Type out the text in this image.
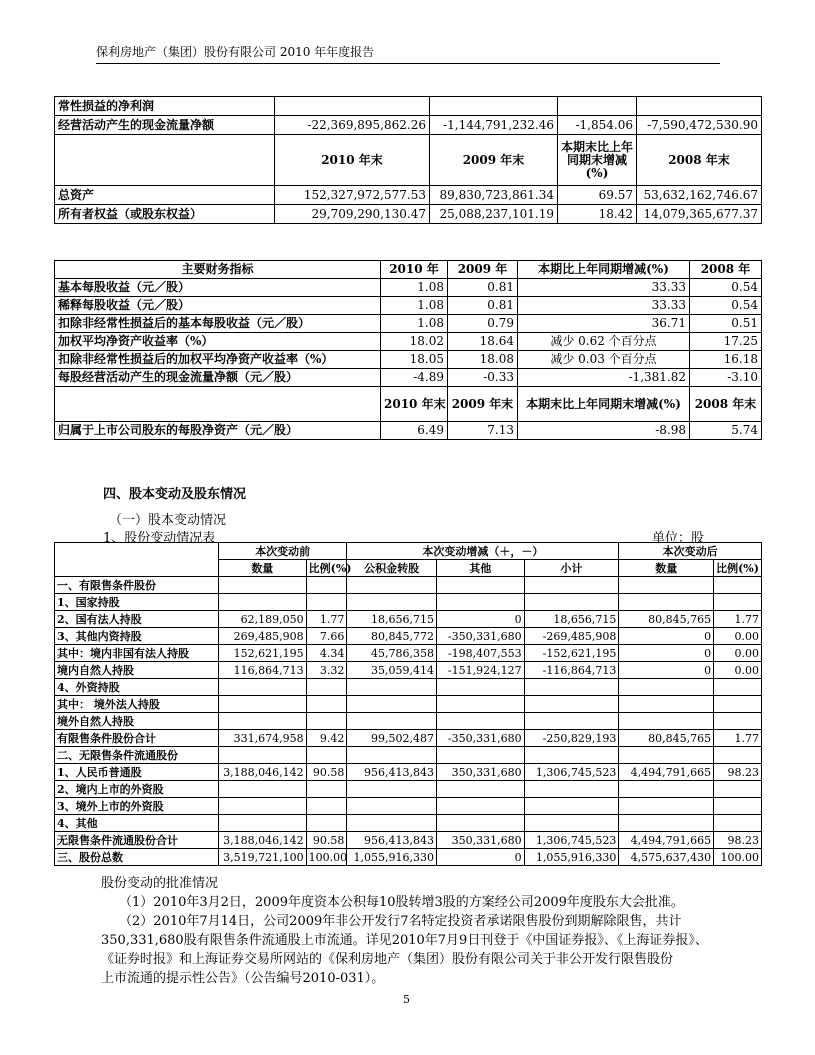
保利房地产（集团）股份有限公司 2010 年年度报告
常性损益的净利润				
经营活动产生的现金流量净额	-22,369,895,862.26	-1,144,791,232.46	-1,854.06	-7,590,472,530.90
	2010 年末	2009 年末	本期末比上年同期末增减(%)	2008 年末
总资产	152,327,972,577.53	89,830,723,861.34	69.57	53,632,162,746.67
所有者权益（或股东权益）	29,709,290,130.47	25,088,237,101.19	18.42	14,079,365,677.37
主要财务指标	2010 年	2009 年	本期比上年同期增减(%)	2008 年
基本每股收益（元／股）	1.08	0.81	33.33	0.54
稀释每股收益（元／股）	1.08	0.81	33.33	0.54
扣除非经常性损益后的基本每股收益（元／股）	1.08	0.79	36.71	0.51
加权平均净资产收益率（%）	18.02	18.64	减少 0.62 个百分点	17.25
扣除非经常性损益后的加权平均净资产收益率（%）	18.05	18.08	减少 0.03 个百分点	16.18
每股经营活动产生的现金流量净额（元／股）	-4.89	-0.33	-1,381.82	-3.10
	2010 年末	2009 年末	本期末比上年同期末增减(%)	2008 年末
归属于上市公司股东的每股净资产（元／股）	6.49	7.13	-8.98	5.74
四、股本变动及股东情况
（一）股本变动情况
1、股份变动情况表	单位：股
	本次变动前		本次变动增减（＋，－）			本次变动后	
	数量	比例(%)	公积金转股	其他	小计	数量	比例(%)
一、有限售条件股份							
1、国家持股							
2、国有法人持股	62,189,050	1.77	18,656,715	0	18,656,715	80,845,765	1.77
3、其他内资持股	269,485,908	7.66	80,845,772	-350,331,680	-269,485,908	0	0.00
其中：境内非国有法人持股	152,621,195	4.34	45,786,358	-198,407,553	-152,621,195	0	0.00
境内自然人持股	116,864,713	3.32	35,059,414	-151,924,127	-116,864,713	0	0.00
4、外资持股							
其中： 境外法人持股							
境外自然人持股							
有限售条件股份合计	331,674,958	9.42	99,502,487	-350,331,680	-250,829,193	80,845,765	1.77
二、无限售条件流通股份							
1、人民币普通股	3,188,046,142	90.58	956,413,843	350,331,680	1,306,745,523	4,494,791,665	98.23
2、境内上市的外资股							
3、境外上市的外资股							
4、其他							
无限售条件流通股份合计	3,188,046,142	90.58	956,413,843	350,331,680	1,306,745,523	4,494,791,665	98.23
三、股份总数	3,519,721,100	100.00	1,055,916,330	0	1,055,916,330	4,575,637,430	100.00
股份变动的批准情况
（1）2010年3月2日，2009年度资本公积每10股转增3股的方案经公司2009年度股东大会批准。
（2）2010年7月14日，公司2009年非公开发行7名特定投资者承诺限售股份到期解除限售，共计
350,331,680股有限售条件流通股上市流通。详见2010年7月9日刊登于《中国证券报》、《上海证券报》、
《证券时报》和上海证券交易所网站的《保利房地产（集团）股份有限公司关于非公开发行限售股份
上市流通的提示性公告》（公告编号2010-031）。
5
